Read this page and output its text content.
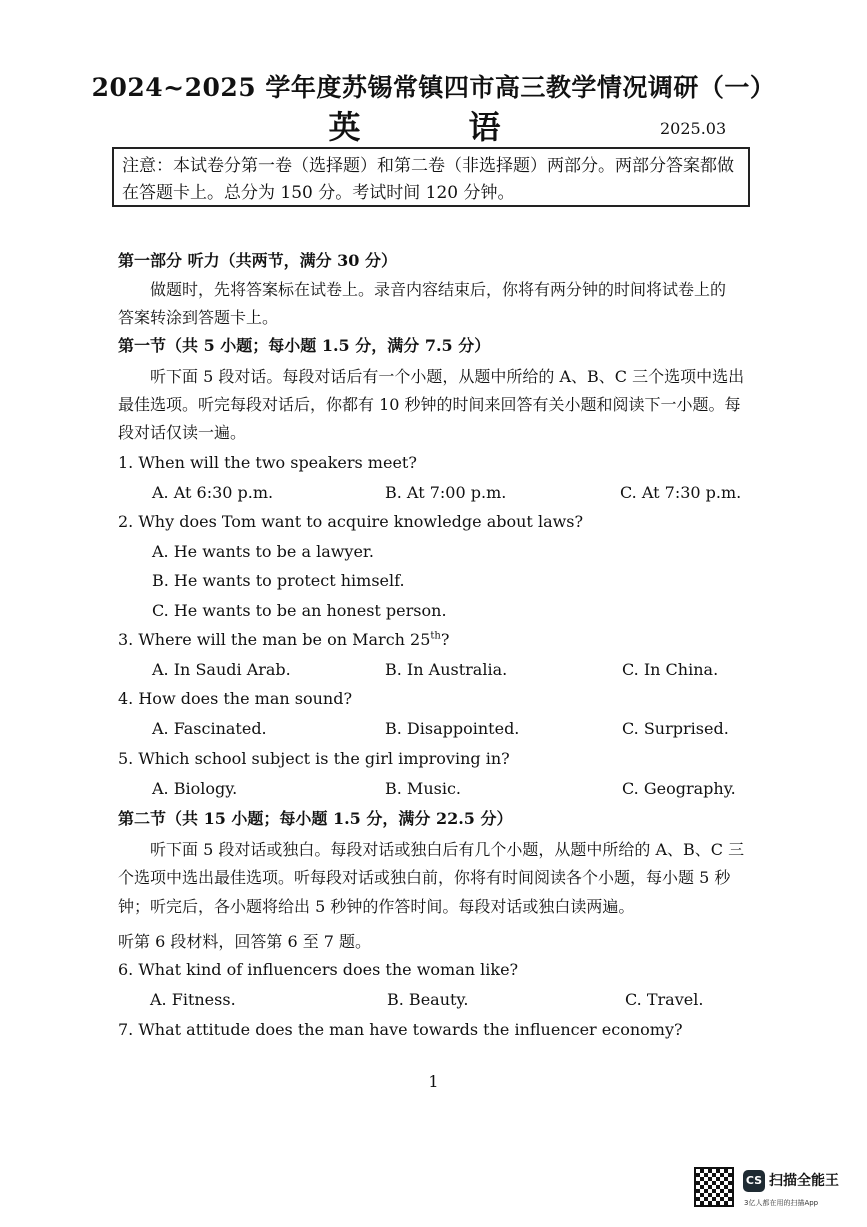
2024~2025 学年度苏锡常镇四市高三教学情况调研（一）
英　语	2025.03
注意：本试卷分第一卷（选择题）和第二卷（非选择题）两部分。两部分答案都做在答题卡上。总分为 150 分。考试时间 120 分钟。
第一部分 听力（共两节，满分 30 分）
做题时，先将答案标在试卷上。录音内容结束后，你将有两分钟的时间将试卷上的
答案转涂到答题卡上。
第一节（共 5 小题；每小题 1.5 分，满分 7.5 分）
听下面 5 段对话。每段对话后有一个小题，从题中所给的 A、B、C 三个选项中选出
最佳选项。听完每段对话后，你都有 10 秒钟的时间来回答有关小题和阅读下一小题。每
段对话仅读一遍。
1. When will the two speakers meet?
A. At 6:30 p.m.	B. At 7:00 p.m.	C. At 7:30 p.m.
2. Why does Tom want to acquire knowledge about laws?
A. He wants to be a lawyer.
B. He wants to protect himself.
C. He wants to be an honest person.
3. Where will the man be on March 25th?
A. In Saudi Arab.	B. In Australia.	C. In China.
4. How does the man sound?
A. Fascinated.	B. Disappointed.	C. Surprised.
5. Which school subject is the girl improving in?
A. Biology.	B. Music.	C. Geography.
第二节（共 15 小题；每小题 1.5 分，满分 22.5 分）
听下面 5 段对话或独白。每段对话或独白后有几个小题，从题中所给的 A、B、C 三
个选项中选出最佳选项。听每段对话或独白前，你将有时间阅读各个小题，每小题 5 秒
钟；听完后，各小题将给出 5 秒钟的作答时间。每段对话或独白读两遍。
听第 6 段材料，回答第 6 至 7 题。
6. What kind of influencers does the woman like?
A. Fitness.	B. Beauty.	C. Travel.
7. What attitude does the man have towards the influencer economy?
1
CS 扫描全能王
3亿人都在用的扫描App
